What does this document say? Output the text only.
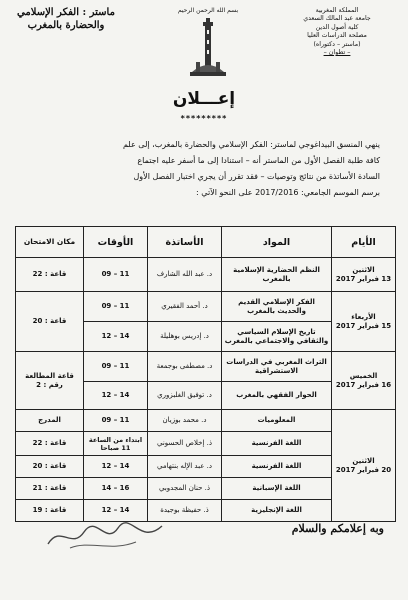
المملكة المغربية
جامعة عبد المالك السعدي
كلية أصول الدين
مصلحة الدراسات العليا
(ماستر – دكتوراه)
– تطوان –
بسم الله الرحمن الرحيم
ماستر : الفكر الإسلامي
والحضارة بالمغرب
إعـــلان
*********
ينهي المنسق البيداغوجي لماستر: الفكر الإسلامي والحضارة بالمغرب، إلى علم
كافة طلبة الفصل الأول من الماستر أنه – استنادا إلى ما أسفر عليه اجتماع
السادة الأساتذة من نتائج وتوصيات – فقد تقرر أن يجري اختبار الفصل الأول
برسم الموسم الجامعي: 2017/2016 على النحو الآتي :
الأيام	المواد	الأساتذة	الأوقات	مكان الامتحان

الاثنين
13 فبراير 2017	النظم الحضارية الإسلامية بالمغرب	د. عبد الله الشارف	09 – 11	قاعة : 22

الأربعاء
15 فبراير 2017	الفكر الإسلامي القديم والحديث بالمغرب	د. أحمد الفقيري	09 – 11	قاعة : 20
	تاريخ الإسلام السياسي والثقافي والاجتماعي بالمغرب	د. إدريس بوهليلة	12 – 14	

الخميس
16 فبراير 2017	التراث المغربي في الدراسات الاستشراقية	د. مصطفى بوجمعة	09 – 11	قاعة المطالعة رقم : 2
	الحوار الفقهي بالمغرب	د. توفيق الغلبزوري	12 – 14	

الاثنين
20 فبراير 2017	المعلوميات	د. محمد بوزيان	09 – 11	المدرج
	اللغة الفرنسية	ذ. إخلاص الحسوني	ابتداء من الساعة 11 صباحا	قاعة : 22
	اللغة الفرنسية	د. عبد الإله بنتهامي	12 – 14	قاعة : 20
	اللغة الإسبانية	ذ. حنان المجدوبي	14 – 16	قاعة : 21
	اللغة الإنجليزية	ذ. حفيظة بوجيدة	12 – 14	قاعة : 19
وبه إعلامكم والسلام
